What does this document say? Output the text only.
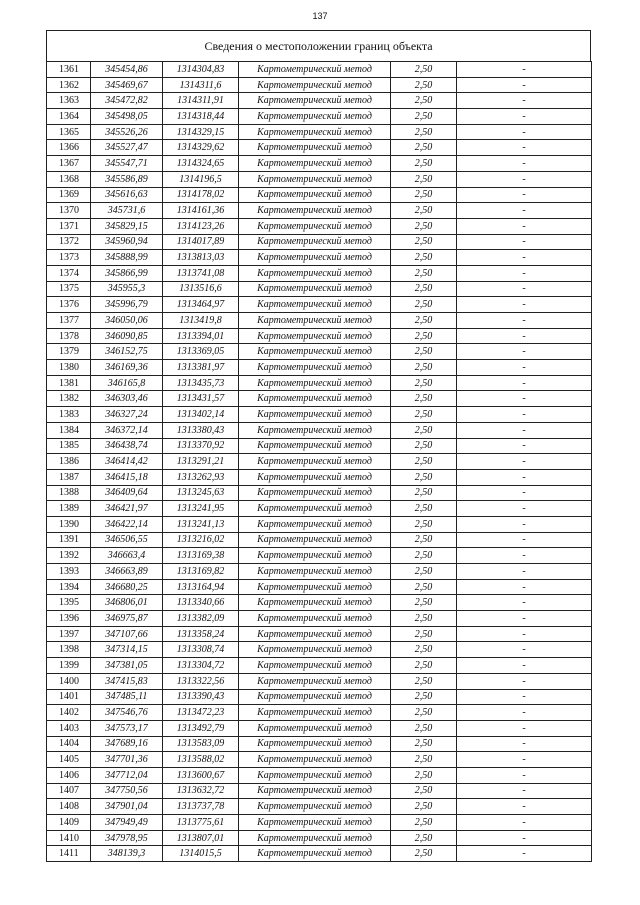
137
Сведения о местоположении границ объекта
1361	345454,86	1314304,83	Картометрический метод	2,50	-
1362	345469,67	1314311,6	Картометрический метод	2,50	-
1363	345472,82	1314311,91	Картометрический метод	2,50	-
1364	345498,05	1314318,44	Картометрический метод	2,50	-
1365	345526,26	1314329,15	Картометрический метод	2,50	-
1366	345527,47	1314329,62	Картометрический метод	2,50	-
1367	345547,71	1314324,65	Картометрический метод	2,50	-
1368	345586,89	1314196,5	Картометрический метод	2,50	-
1369	345616,63	1314178,02	Картометрический метод	2,50	-
1370	345731,6	1314161,36	Картометрический метод	2,50	-
1371	345829,15	1314123,26	Картометрический метод	2,50	-
1372	345960,94	1314017,89	Картометрический метод	2,50	-
1373	345888,99	1313813,03	Картометрический метод	2,50	-
1374	345866,99	1313741,08	Картометрический метод	2,50	-
1375	345955,3	1313516,6	Картометрический метод	2,50	-
1376	345996,79	1313464,97	Картометрический метод	2,50	-
1377	346050,06	1313419,8	Картометрический метод	2,50	-
1378	346090,85	1313394,01	Картометрический метод	2,50	-
1379	346152,75	1313369,05	Картометрический метод	2,50	-
1380	346169,36	1313381,97	Картометрический метод	2,50	-
1381	346165,8	1313435,73	Картометрический метод	2,50	-
1382	346303,46	1313431,57	Картометрический метод	2,50	-
1383	346327,24	1313402,14	Картометрический метод	2,50	-
1384	346372,14	1313380,43	Картометрический метод	2,50	-
1385	346438,74	1313370,92	Картометрический метод	2,50	-
1386	346414,42	1313291,21	Картометрический метод	2,50	-
1387	346415,18	1313262,93	Картометрический метод	2,50	-
1388	346409,64	1313245,63	Картометрический метод	2,50	-
1389	346421,97	1313241,95	Картометрический метод	2,50	-
1390	346422,14	1313241,13	Картометрический метод	2,50	-
1391	346506,55	1313216,02	Картометрический метод	2,50	-
1392	346663,4	1313169,38	Картометрический метод	2,50	-
1393	346663,89	1313169,82	Картометрический метод	2,50	-
1394	346680,25	1313164,94	Картометрический метод	2,50	-
1395	346806,01	1313340,66	Картометрический метод	2,50	-
1396	346975,87	1313382,09	Картометрический метод	2,50	-
1397	347107,66	1313358,24	Картометрический метод	2,50	-
1398	347314,15	1313308,74	Картометрический метод	2,50	-
1399	347381,05	1313304,72	Картометрический метод	2,50	-
1400	347415,83	1313322,56	Картометрический метод	2,50	-
1401	347485,11	1313390,43	Картометрический метод	2,50	-
1402	347546,76	1313472,23	Картометрический метод	2,50	-
1403	347573,17	1313492,79	Картометрический метод	2,50	-
1404	347689,16	1313583,09	Картометрический метод	2,50	-
1405	347701,36	1313588,02	Картометрический метод	2,50	-
1406	347712,04	1313600,67	Картометрический метод	2,50	-
1407	347750,56	1313632,72	Картометрический метод	2,50	-
1408	347901,04	1313737,78	Картометрический метод	2,50	-
1409	347949,49	1313775,61	Картометрический метод	2,50	-
1410	347978,95	1313807,01	Картометрический метод	2,50	-
1411	348139,3	1314015,5	Картометрический метод	2,50	-
